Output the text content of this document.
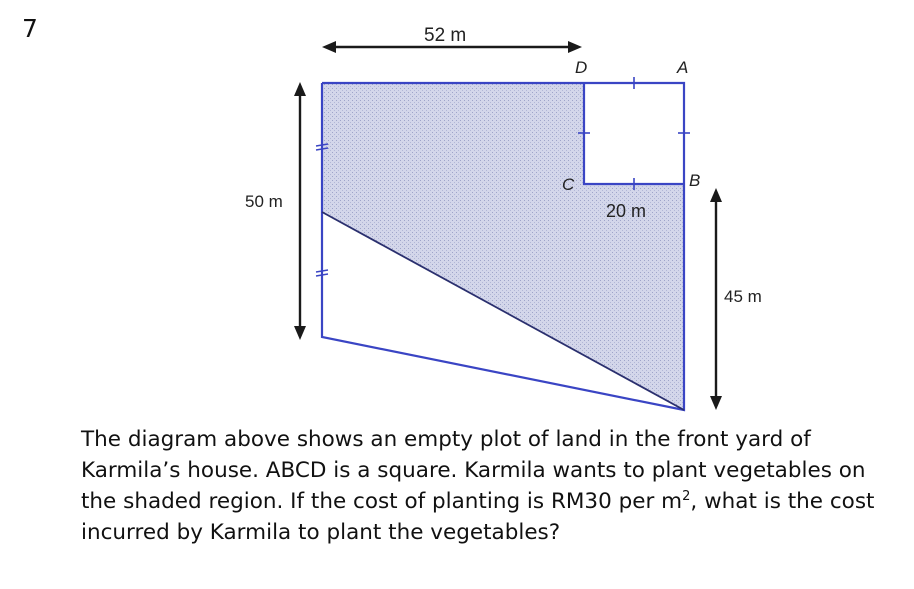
7	52 m
50 m	20 m
45 m
A
B
C
D

The diagram above shows an empty plot of land in the front yard of Karmila’s house. ABCD is a square. Karmila wants to plant vegetables on the shaded region. If the cost of planting is RM30 per $m^2$, what is the cost incurred by Karmila to plant the vegetables?
